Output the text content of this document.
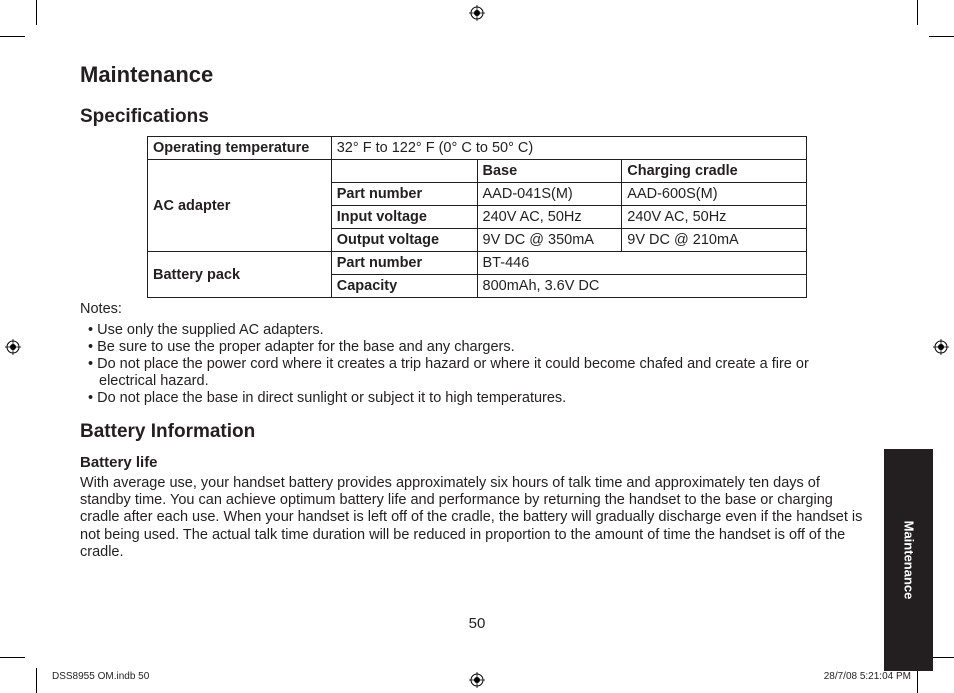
Maintenance
Specifications
Operating temperature	32° F to 122° F (0° C to 50° C)		
AC adapter		Base	Charging cradle
	Part number	AAD-041S(M)	AAD-600S(M)
	Input voltage	240V AC, 50Hz	240V AC, 50Hz
	Output voltage	9V DC @ 350mA	9V DC @ 210mA
Battery pack	Part number	BT-446	
	Capacity	800mAh, 3.6V DC	
Notes:
• Use only the supplied AC adapters.
• Be sure to use the proper adapter for the base and any chargers.
• Do not place the power cord where it creates a trip hazard or where it could become chafed and create a fire or electrical hazard.
• Do not place the base in direct sunlight or subject it to high temperatures.
Battery Information
Battery life
With average use, your handset battery provides approximately six hours of talk time and approximately ten days of standby time. You can achieve optimum battery life and performance by returning the handset to the base or charging cradle after each use. When your handset is left off of the cradle, the battery will gradually discharge even if the handset is not being used. The actual talk time duration will be reduced in proportion to the amount of time the handset is off of the cradle.	Maintenance
50
DSS8955 OM.indb 50	28/7/08 5:21:04 PM
